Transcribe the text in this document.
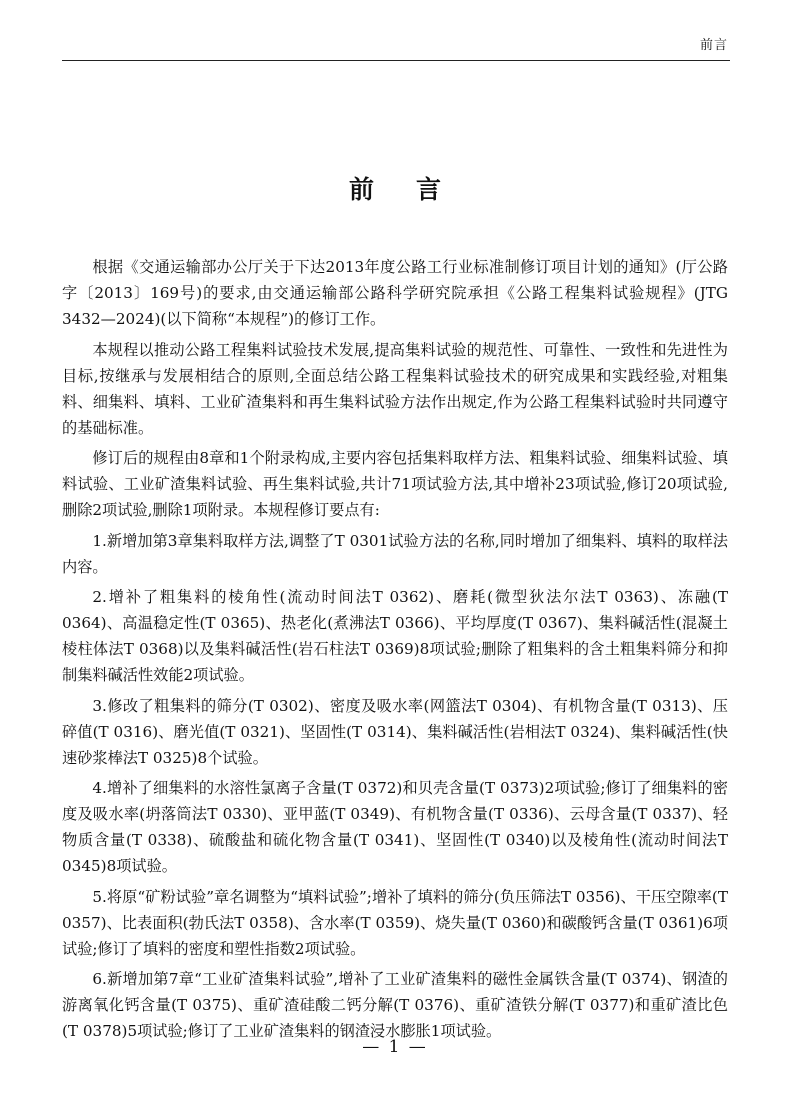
前言
前言

根据《交通运输部办公厅关于下达2013年度公路工行业标准制修订项目计划的通知》(厅公路字〔2013〕169号)的要求,由交通运输部公路科学研究院承担《公路工程集料试验规程》(JTG 3432—2024)(以下简称“本规程”)的修订工作。

本规程以推动公路工程集料试验技术发展,提高集料试验的规范性、可靠性、一致性和先进性为目标,按继承与发展相结合的原则,全面总结公路工程集料试验技术的研究成果和实践经验,对粗集料、细集料、填料、工业矿渣集料和再生集料试验方法作出规定,作为公路工程集料试验时共同遵守的基础标准。

修订后的规程由8章和1个附录构成,主要内容包括集料取样方法、粗集料试验、细集料试验、填料试验、工业矿渣集料试验、再生集料试验,共计71项试验方法,其中增补23项试验,修订20项试验,删除2项试验,删除1项附录。本规程修订要点有:

1.新增加第3章集料取样方法,调整了T 0301试验方法的名称,同时增加了细集料、填料的取样法内容。

2.增补了粗集料的棱角性(流动时间法T 0362)、磨耗(微型狄法尔法T 0363)、冻融(T 0364)、高温稳定性(T 0365)、热老化(煮沸法T 0366)、平均厚度(T 0367)、集料碱活性(混凝土棱柱体法T 0368)以及集料碱活性(岩石柱法T 0369)8项试验;删除了粗集料的含土粗集料筛分和抑制集料碱活性效能2项试验。

3.修改了粗集料的筛分(T 0302)、密度及吸水率(网篮法T 0304)、有机物含量(T 0313)、压碎值(T 0316)、磨光值(T 0321)、坚固性(T 0314)、集料碱活性(岩相法T 0324)、集料碱活性(快速砂浆棒法T 0325)8个试验。

4.增补了细集料的水溶性氯离子含量(T 0372)和贝壳含量(T 0373)2项试验;修订了细集料的密度及吸水率(坍落筒法T 0330)、亚甲蓝(T 0349)、有机物含量(T 0336)、云母含量(T 0337)、轻物质含量(T 0338)、硫酸盐和硫化物含量(T 0341)、坚固性(T 0340)以及棱角性(流动时间法T 0345)8项试验。

5.将原“矿粉试验”章名调整为“填料试验”;增补了填料的筛分(负压筛法T 0356)、干压空隙率(T 0357)、比表面积(勃氏法T 0358)、含水率(T 0359)、烧失量(T 0360)和碳酸钙含量(T 0361)6项试验;修订了填料的密度和塑性指数2项试验。

6.新增加第7章“工业矿渣集料试验”,增补了工业矿渣集料的磁性金属铁含量(T 0374)、钢渣的游离氧化钙含量(T 0375)、重矿渣硅酸二钙分解(T 0376)、重矿渣铁分解(T 0377)和重矿渣比色(T 0378)5项试验;修订了工业矿渣集料的钢渣浸水膨胀1项试验。

— 1 —
